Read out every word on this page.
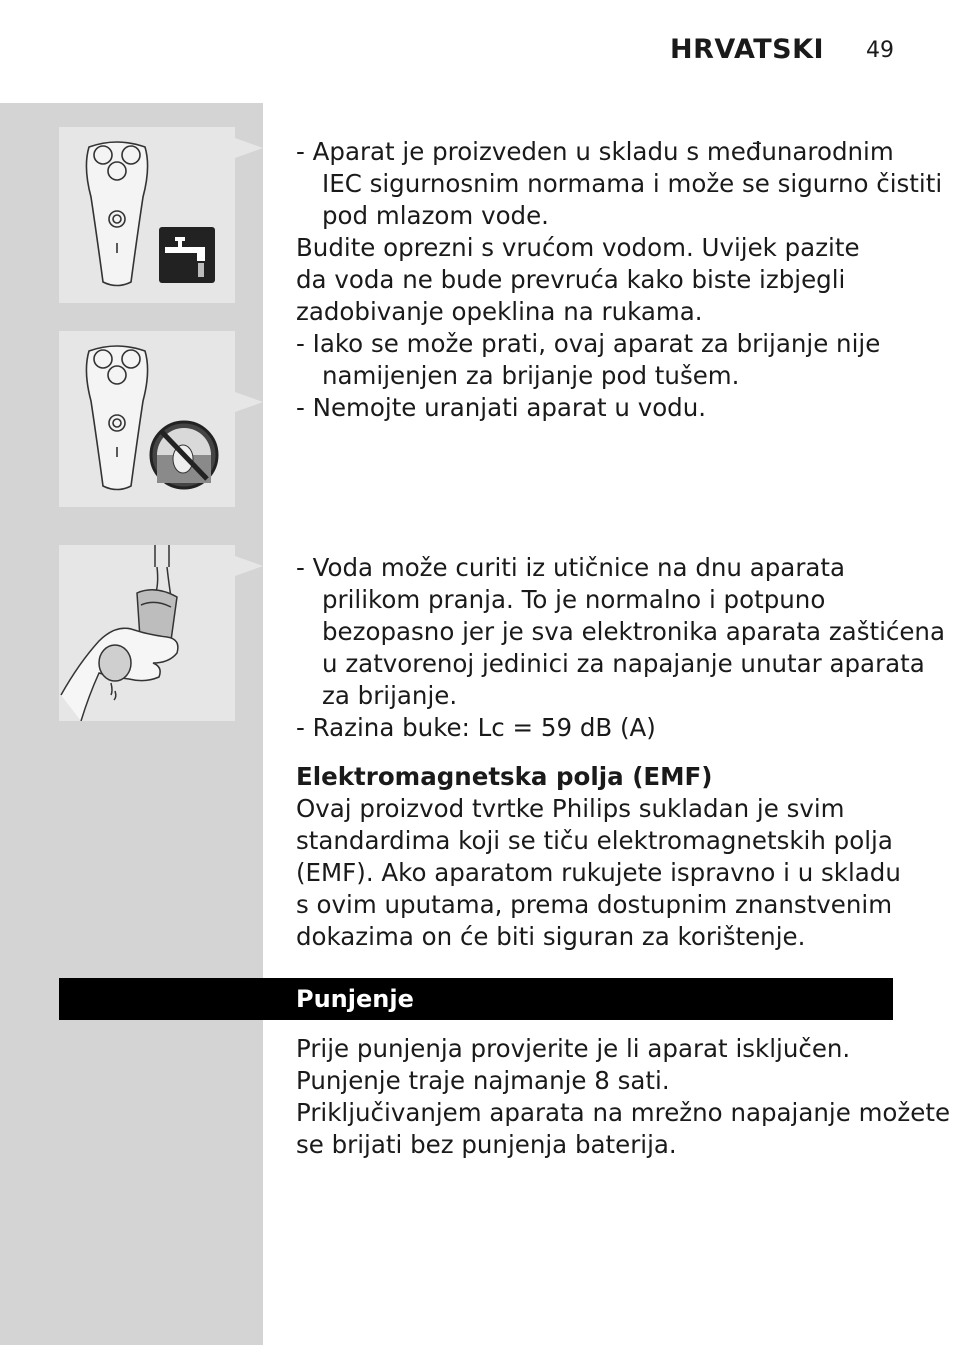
HRVATSKI 49
- Aparat je proizveden u skladu s međunarodnim
IEC sigurnosnim normama i može se sigurno čistiti
pod mlazom vode.
Budite oprezni s vrućom vodom. Uvijek pazite
da voda ne bude prevruća kako biste izbjegli
zadobivanje opeklina na rukama.
- Iako se može prati, ovaj aparat za brijanje nije
namijenjen za brijanje pod tušem.
- Nemojte uranjati aparat u vodu.
- Voda može curiti iz utičnice na dnu aparata
prilikom pranja. To je normalno i potpuno
bezopasno jer je sva elektronika aparata zaštićena
u zatvorenoj jedinici za napajanje unutar aparata
za brijanje.
- Razina buke: Lc = 59 dB (A)
Elektromagnetska polja (EMF)
Ovaj proizvod tvrtke Philips sukladan je svim
standardima koji se tiču elektromagnetskih polja
(EMF). Ako aparatom rukujete ispravno i u skladu
s ovim uputama, prema dostupnim znanstvenim
dokazima on će biti siguran za korištenje.
Punjenje
Prije punjenja provjerite je li aparat isključen.
Punjenje traje najmanje 8 sati.
Priključivanjem aparata na mrežno napajanje možete
se brijati bez punjenja baterija.
